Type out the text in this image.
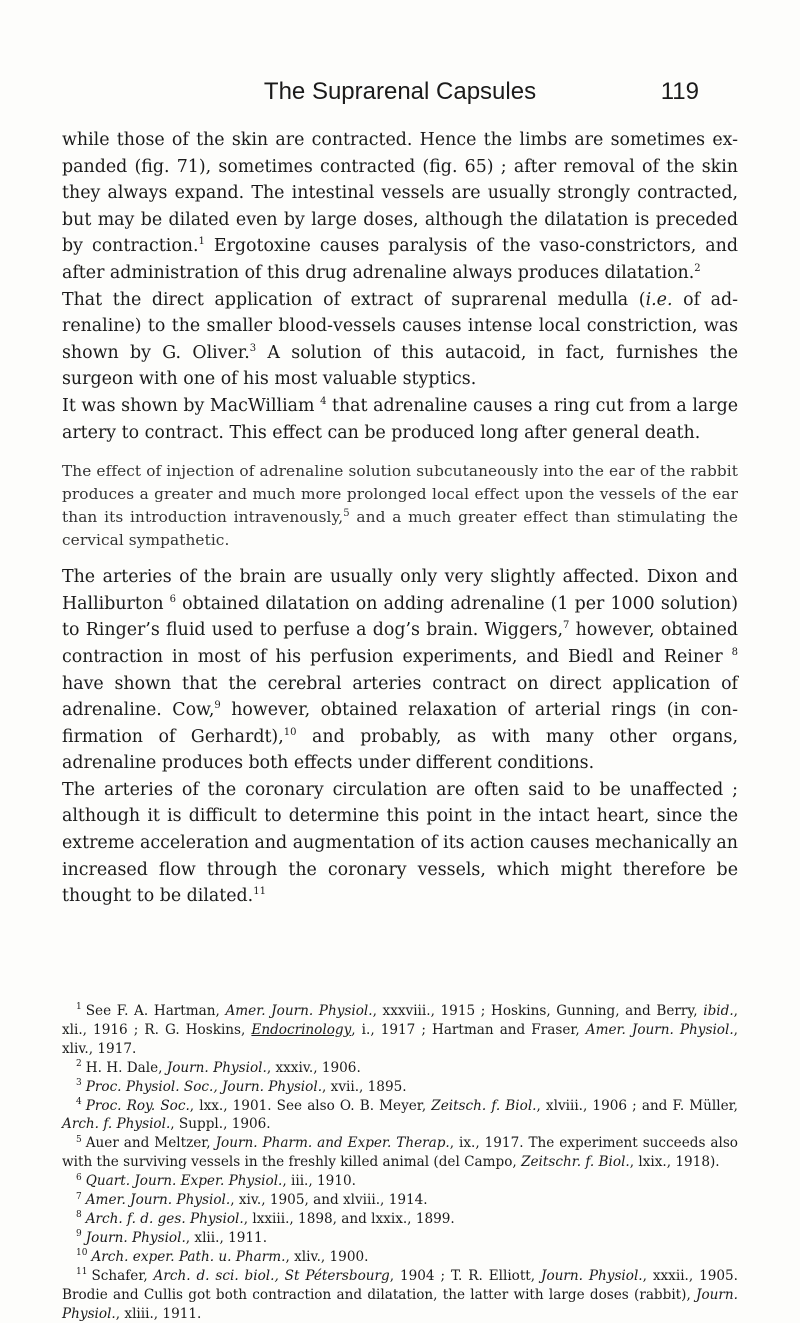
The Suprarenal Capsules	119

while those of the skin are contracted. Hence the limbs are sometimes ex-panded (fig. 71), sometimes contracted (fig. 65) ; after removal of the skin they always expand. The intestinal vessels are usually strongly contracted, but may be dilated even by large doses, although the dilatation is preceded by contraction.$^1$ Ergotoxine causes paralysis of the vaso-constrictors, and after administration of this drug adrenaline always produces dilatation.$^2$

That the direct application of extract of suprarenal medulla (i.e. of ad-renaline) to the smaller blood-vessels causes intense local constriction, was shown by G. Oliver.$^3$ A solution of this autacoid, in fact, furnishes the surgeon with one of his most valuable styptics.

It was shown by MacWilliam $^4$ that adrenaline causes a ring cut from a large artery to contract. This effect can be produced long after general death.

The effect of injection of adrenaline solution subcutaneously into the ear of the rabbit produces a greater and much more prolonged local effect upon the vessels of the ear than its introduction intravenously,$^5$ and a much greater effect than stimulating the cervical sympathetic.

The arteries of the brain are usually only very slightly affected. Dixon and Halliburton $^6$ obtained dilatation on adding adrenaline (1 per 1000 solution) to Ringer’s fluid used to perfuse a dog’s brain. Wiggers,$^7$ however, obtained contraction in most of his perfusion experiments, and Biedl and Reiner $^8$ have shown that the cerebral arteries contract on direct application of adrenaline. Cow,$^9$ however, obtained relaxation of arterial rings (in con-firmation of Gerhardt),$^{10}$ and probably, as with many other organs, adrenaline produces both effects under different conditions.

The arteries of the coronary circulation are often said to be unaffected ; although it is difficult to determine this point in the intact heart, since the extreme acceleration and augmentation of its action causes mechanically an increased flow through the coronary vessels, which might therefore be thought to be dilated.$^{11}$

$^1$ See F. A. Hartman, Amer. Journ. Physiol., xxxviii., 1915 ; Hoskins, Gunning, and Berry, ibid., xli., 1916 ; R. G. Hoskins, Endocrinology, i., 1917 ; Hartman and Fraser, Amer. Journ. Physiol., xliv., 1917.

$^2$ H. H. Dale, Journ. Physiol., xxxiv., 1906.

$^3$ Proc. Physiol. Soc., Journ. Physiol., xvii., 1895.

$^4$ Proc. Roy. Soc., lxx., 1901. See also O. B. Meyer, Zeitsch. f. Biol., xlviii., 1906 ; and F. Müller, Arch. f. Physiol., Suppl., 1906.

$^5$ Auer and Meltzer, Journ. Pharm. and Exper. Therap., ix., 1917. The experiment succeeds also with the surviving vessels in the freshly killed animal (del Campo, Zeitschr. f. Biol., lxix., 1918).

$^6$ Quart. Journ. Exper. Physiol., iii., 1910.

$^7$ Amer. Journ. Physiol., xiv., 1905, and xlviii., 1914.

$^8$ Arch. f. d. ges. Physiol., lxxiii., 1898, and lxxix., 1899.

$^9$ Journ. Physiol., xlii., 1911.

$^{10}$ Arch. exper. Path. u. Pharm., xliv., 1900.

$^{11}$ Schafer, Arch. d. sci. biol., St Pétersbourg, 1904 ; T. R. Elliott, Journ. Physiol., xxxii., 1905. Brodie and Cullis got both contraction and dilatation, the latter with large doses (rabbit), Journ. Physiol., xliii., 1911.
